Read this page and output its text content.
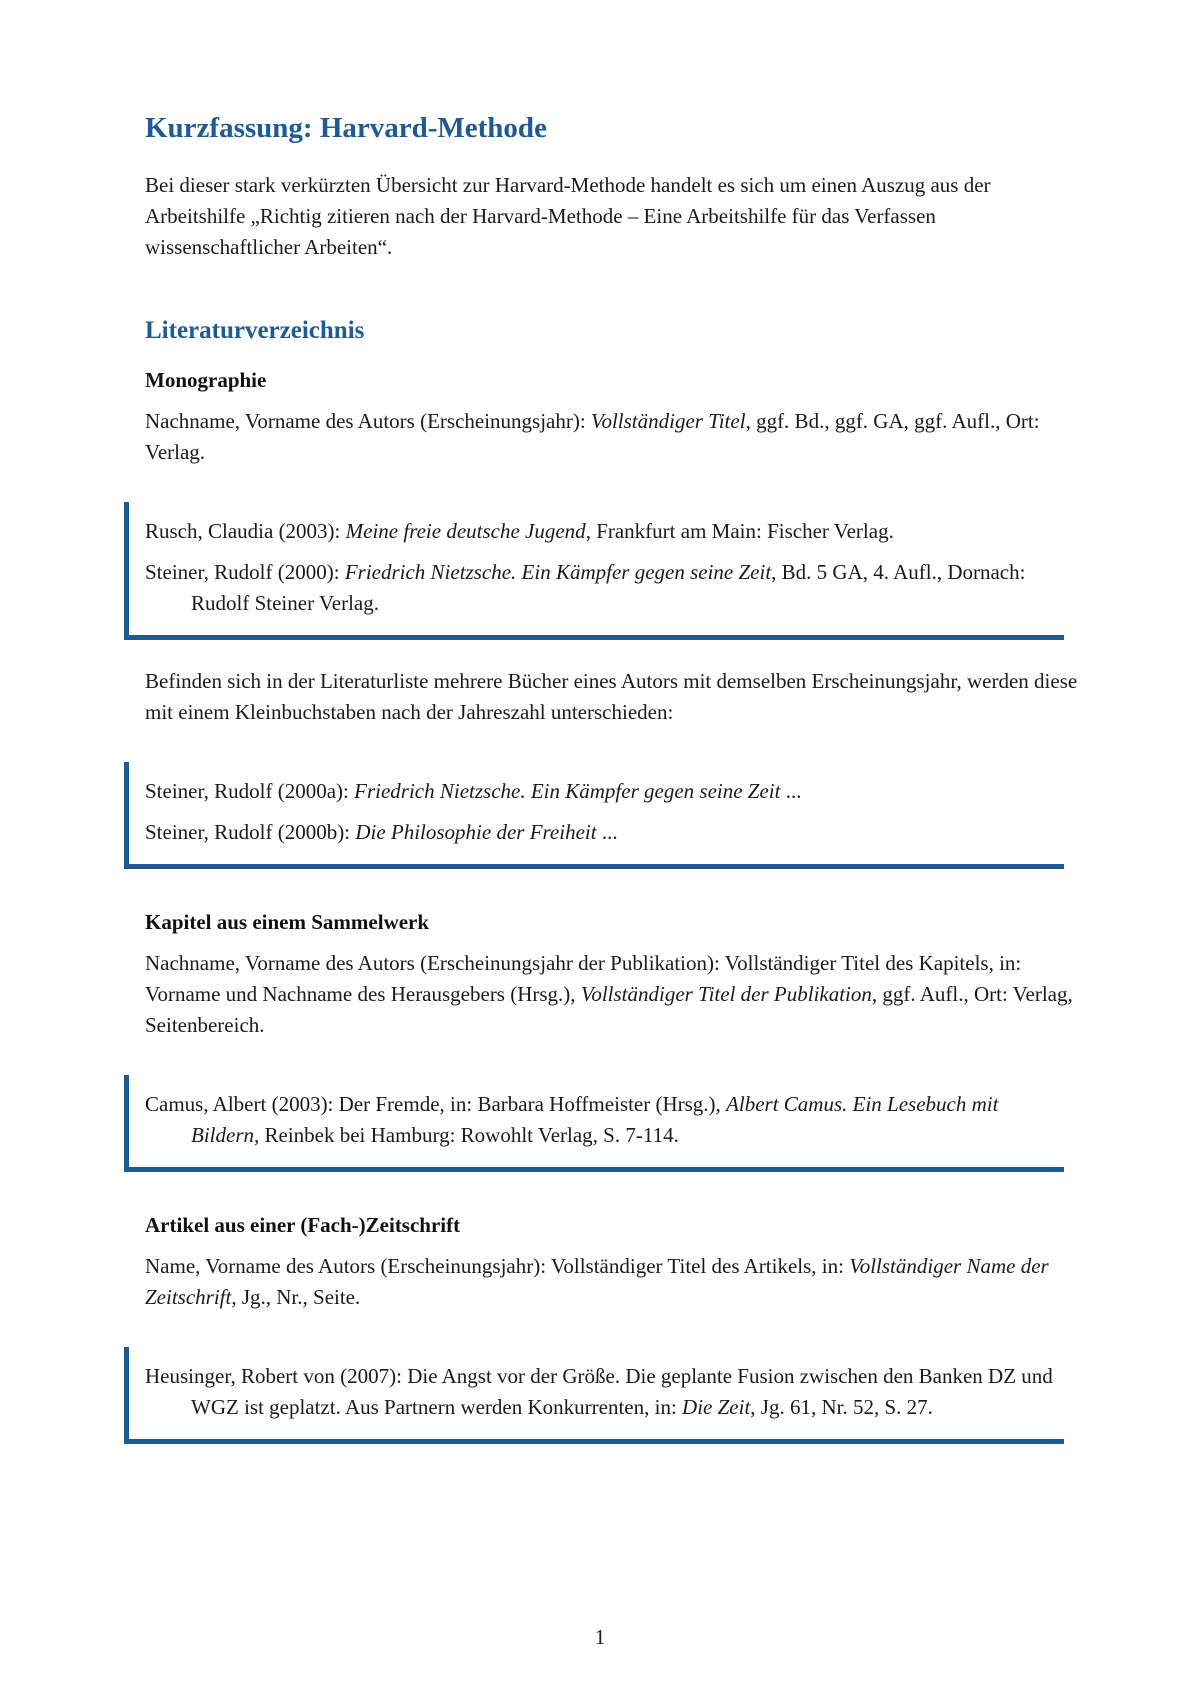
Kurzfassung: Harvard-Methode

Bei dieser stark verkürzten Übersicht zur Harvard-Methode handelt es sich um einen Auszug aus der Arbeitshilfe „Richtig zitieren nach der Harvard-Methode – Eine Arbeitshilfe für das Verfassen wissenschaftlicher Arbeiten“.

Literaturverzeichnis
Monographie

Nachname, Vorname des Autors (Erscheinungsjahr): Vollständiger Titel, ggf. Bd., ggf. GA, ggf. Aufl., Ort: Verlag.

Rusch, Claudia (2003): Meine freie deutsche Jugend, Frankfurt am Main: Fischer Verlag.

Steiner, Rudolf (2000): Friedrich Nietzsche. Ein Kämpfer gegen seine Zeit, Bd. 5 GA, 4. Aufl., Dornach: Rudolf Steiner Verlag.

Befinden sich in der Literaturliste mehrere Bücher eines Autors mit demselben Erscheinungsjahr, werden diese mit einem Kleinbuchstaben nach der Jahreszahl unterschieden:

Steiner, Rudolf (2000a): Friedrich Nietzsche. Ein Kämpfer gegen seine Zeit ...

Steiner, Rudolf (2000b): Die Philosophie der Freiheit ...

Kapitel aus einem Sammelwerk

Nachname, Vorname des Autors (Erscheinungsjahr der Publikation): Vollständiger Titel des Kapitels, in: Vorname und Nachname des Herausgebers (Hrsg.), Vollständiger Titel der Publikation, ggf. Aufl., Ort: Verlag, Seitenbereich.

Camus, Albert (2003): Der Fremde, in: Barbara Hoffmeister (Hrsg.), Albert Camus. Ein Lesebuch mit Bildern, Reinbek bei Hamburg: Rowohlt Verlag, S. 7-114.

Artikel aus einer (Fach-)Zeitschrift

Name, Vorname des Autors (Erscheinungsjahr): Vollständiger Titel des Artikels, in: Vollständiger Name der Zeitschrift, Jg., Nr., Seite.

Heusinger, Robert von (2007): Die Angst vor der Größe. Die geplante Fusion zwischen den Banken DZ und WGZ ist geplatzt. Aus Partnern werden Konkurrenten, in: Die Zeit, Jg. 61, Nr. 52, S. 27.

1
